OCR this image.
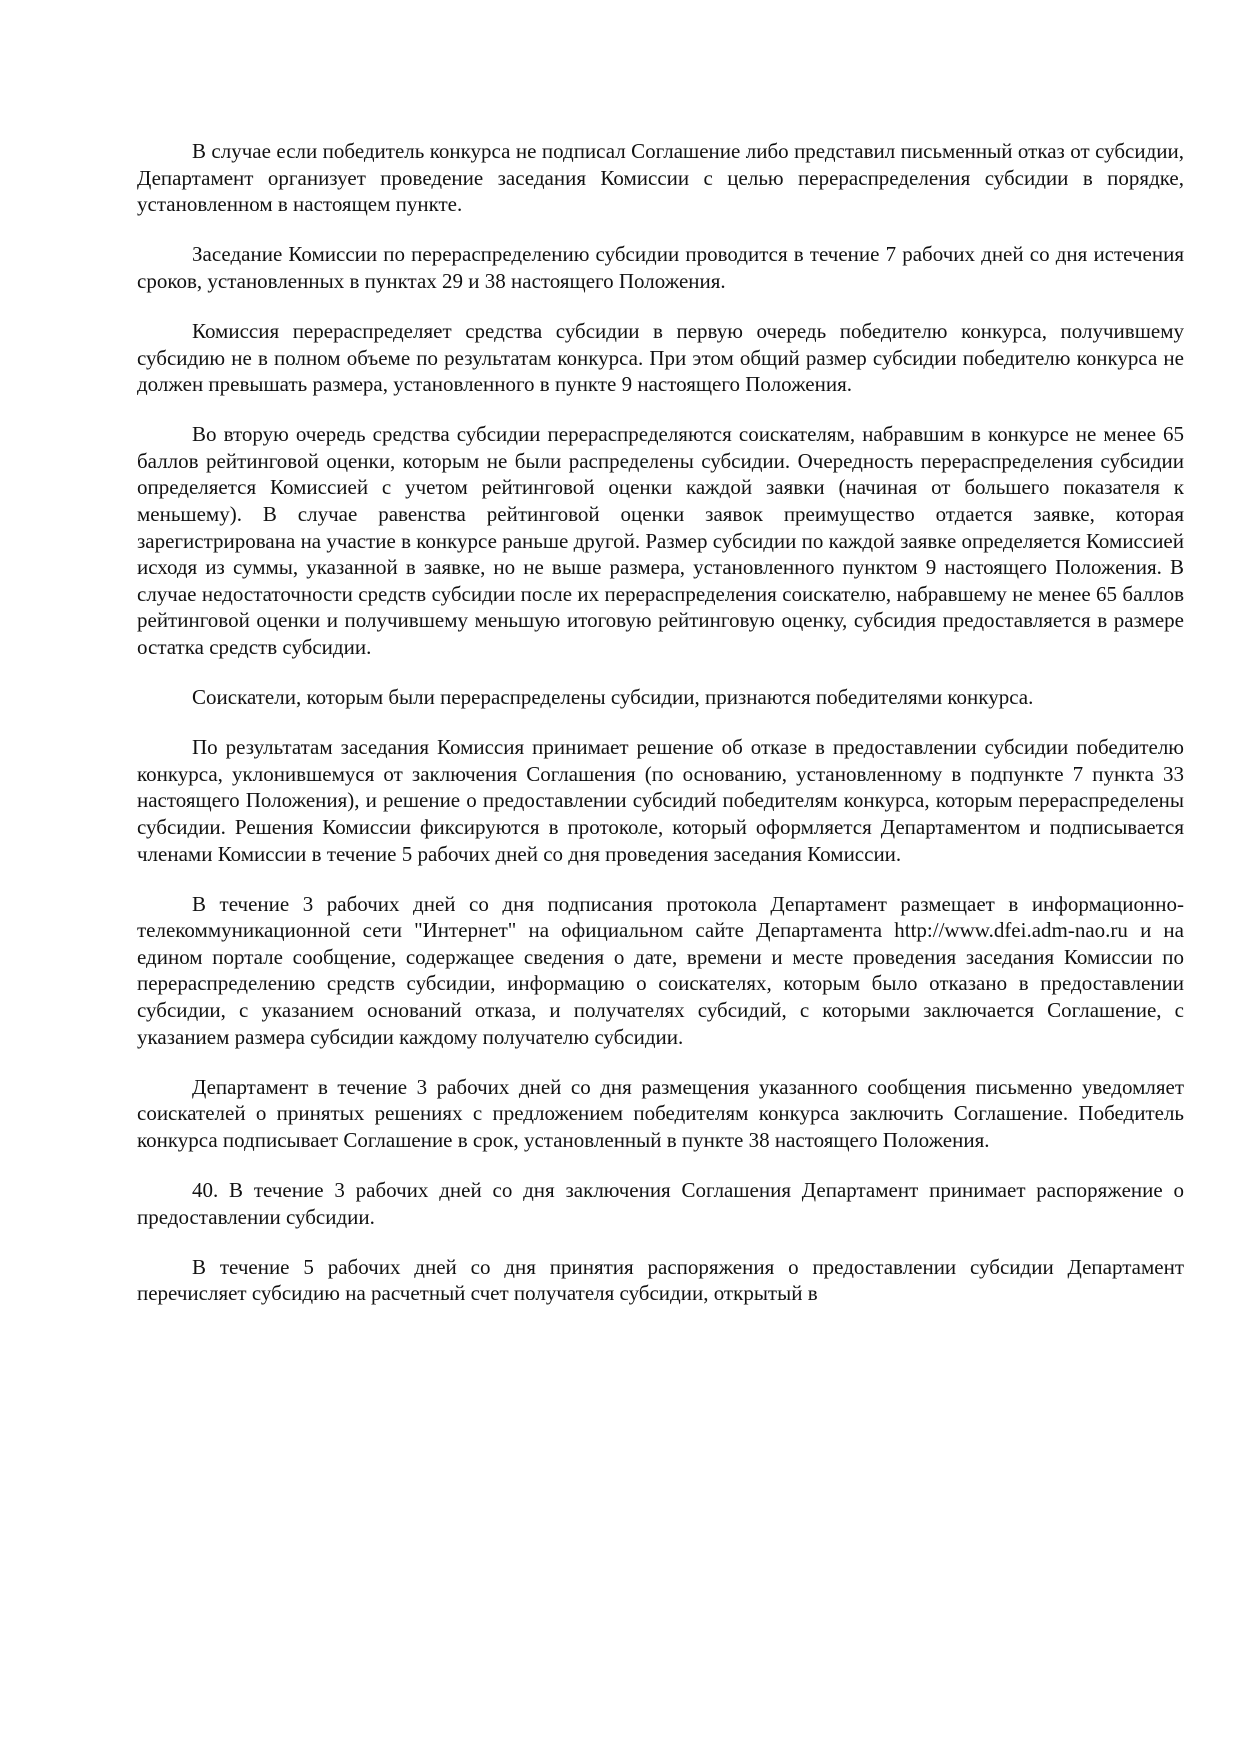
В случае если победитель конкурса не подписал Соглашение либо представил письменный отказ от субсидии, Департамент организует проведение заседания Комиссии с целью перераспределения субсидии в порядке, установленном в настоящем пункте.

Заседание Комиссии по перераспределению субсидии проводится в течение 7 рабочих дней со дня истечения сроков, установленных в пунктах 29 и 38 настоящего Положения.

Комиссия перераспределяет средства субсидии в первую очередь победителю конкурса, получившему субсидию не в полном объеме по результатам конкурса. При этом общий размер субсидии победителю конкурса не должен превышать размера, установленного в пункте 9 настоящего Положения.

Во вторую очередь средства субсидии перераспределяются соискателям, набравшим в конкурсе не менее 65 баллов рейтинговой оценки, которым не были распределены субсидии. Очередность перераспределения субсидии определяется Комиссией с учетом рейтинговой оценки каждой заявки (начиная от большего показателя к меньшему). В случае равенства рейтинговой оценки заявок преимущество отдается заявке, которая зарегистрирована на участие в конкурсе раньше другой. Размер субсидии по каждой заявке определяется Комиссией исходя из суммы, указанной в заявке, но не выше размера, установленного пунктом 9 настоящего Положения. В случае недостаточности средств субсидии после их перераспределения соискателю, набравшему не менее 65 баллов рейтинговой оценки и получившему меньшую итоговую рейтинговую оценку, субсидия предоставляется в размере остатка средств субсидии.

Соискатели, которым были перераспределены субсидии, признаются победителями конкурса.

По результатам заседания Комиссия принимает решение об отказе в предоставлении субсидии победителю конкурса, уклонившемуся от заключения Соглашения (по основанию, установленному в подпункте 7 пункта 33 настоящего Положения), и решение о предоставлении субсидий победителям конкурса, которым перераспределены субсидии. Решения Комиссии фиксируются в протоколе, который оформляется Департаментом и подписывается членами Комиссии в течение 5 рабочих дней со дня проведения заседания Комиссии.

В течение 3 рабочих дней со дня подписания протокола Департамент размещает в информационно-телекоммуникационной сети "Интернет" на официальном сайте Департамента http://www.dfei.adm-nao.ru и на едином портале сообщение, содержащее сведения о дате, времени и месте проведения заседания Комиссии по перераспределению средств субсидии, информацию о соискателях, которым было отказано в предоставлении субсидии, с указанием оснований отказа, и получателях субсидий, с которыми заключается Соглашение, с указанием размера субсидии каждому получателю субсидии.

Департамент в течение 3 рабочих дней со дня размещения указанного сообщения письменно уведомляет соискателей о принятых решениях с предложением победителям конкурса заключить Соглашение. Победитель конкурса подписывает Соглашение в срок, установленный в пункте 38 настоящего Положения.

40. В течение 3 рабочих дней со дня заключения Соглашения Департамент принимает распоряжение о предоставлении субсидии.

В течение 5 рабочих дней со дня принятия распоряжения о предоставлении субсидии Департамент перечисляет субсидию на расчетный счет получателя субсидии, открытый в
